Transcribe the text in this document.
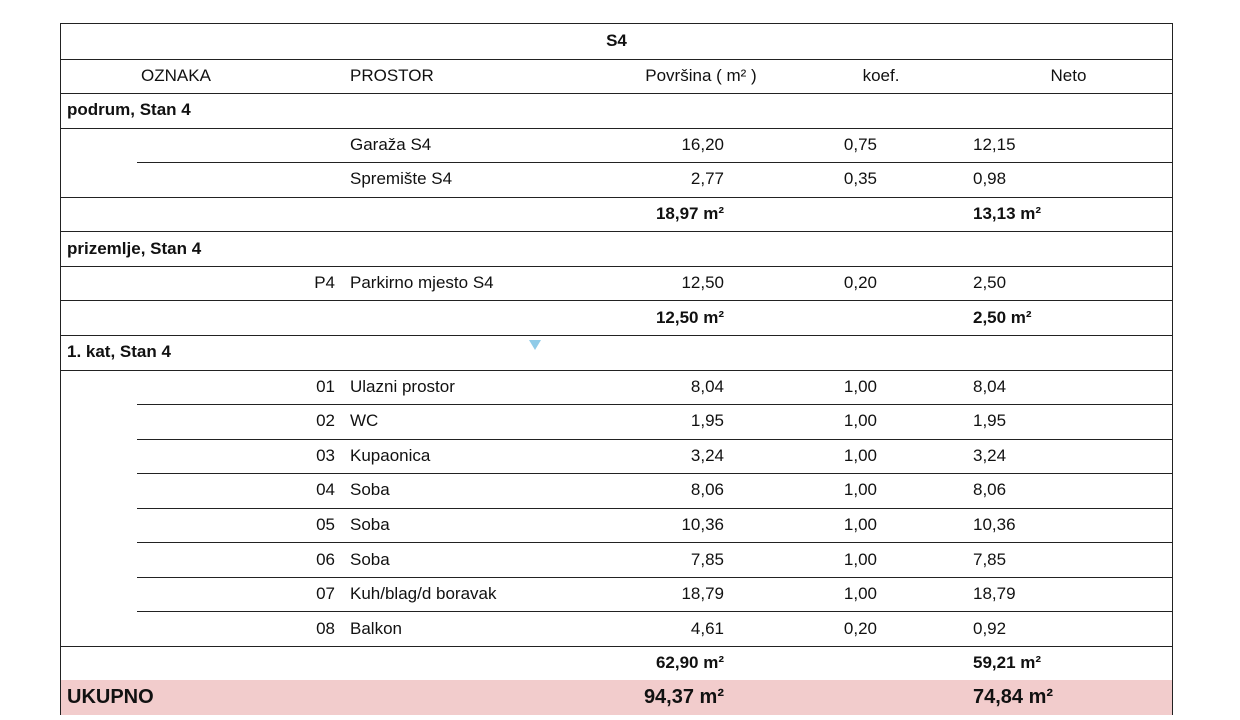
S4
OZNAKA	PROSTOR	Površina ( m² )	koef.	Neto
podrum, Stan 4
Garaža S4	16,20	0,75	12,15
Spremište S4	2,77	0,35	0,98
18,97 m²	13,13 m²
prizemlje, Stan 4
P4 Parkirno mjesto S4	12,50	0,20	2,50
12,50 m²	2,50 m²
1. kat, Stan 4
01 Ulazni prostor	8,04	1,00	8,04
02 WC	1,95	1,00	1,95
03 Kupaonica	3,24	1,00	3,24
04 Soba	8,06	1,00	8,06
05 Soba	10,36	1,00	10,36
06 Soba	7,85	1,00	7,85
07 Kuh/blag/d boravak	18,79	1,00	18,79
08 Balkon	4,61	0,20	0,92
62,90 m²	59,21 m²
UKUPNO	94,37 m²	74,84 m²
